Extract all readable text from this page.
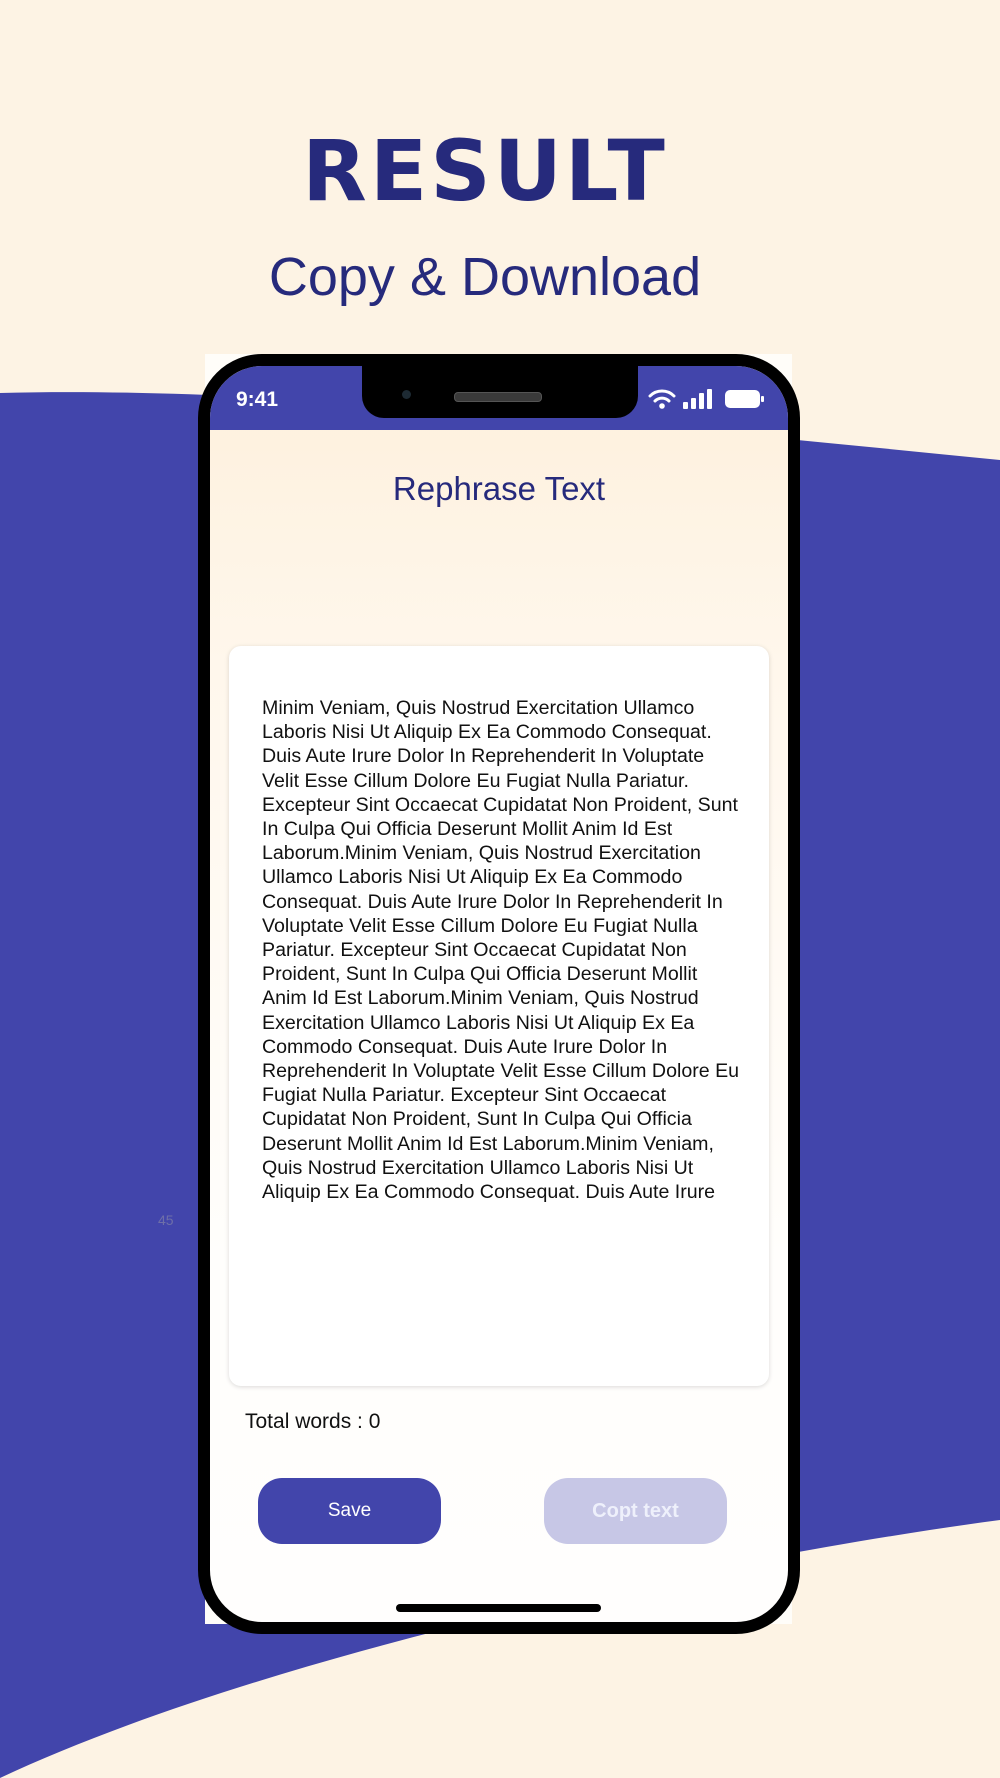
RESULT
Copy & Download
45
9:41
Rephrase Text
Minim Veniam, Quis Nostrud Exercitation Ullamco Laboris Nisi Ut Aliquip Ex Ea Commodo Consequat. Duis Aute Irure Dolor In Reprehenderit In Voluptate Velit Esse Cillum Dolore Eu Fugiat Nulla Pariatur. Excepteur Sint Occaecat Cupidatat Non Proident, Sunt In Culpa Qui Officia Deserunt Mollit Anim Id Est Laborum.Minim Veniam, Quis Nostrud Exercitation Ullamco Laboris Nisi Ut Aliquip Ex Ea Commodo Consequat. Duis Aute Irure Dolor In Reprehenderit In Voluptate Velit Esse Cillum Dolore Eu Fugiat Nulla Pariatur. Excepteur Sint Occaecat Cupidatat Non Proident, Sunt In Culpa Qui Officia Deserunt Mollit Anim Id Est Laborum.Minim Veniam, Quis Nostrud Exercitation Ullamco Laboris Nisi Ut Aliquip Ex Ea Commodo Consequat. Duis Aute Irure Dolor In Reprehenderit In Voluptate Velit Esse Cillum Dolore Eu Fugiat Nulla Pariatur. Excepteur Sint Occaecat Cupidatat Non Proident, Sunt In Culpa Qui Officia Deserunt Mollit Anim Id Est Laborum.Minim Veniam, Quis Nostrud Exercitation Ullamco Laboris Nisi Ut Aliquip Ex Ea Commodo Consequat. Duis Aute Irure
Total words : 0
Save	Copt text
